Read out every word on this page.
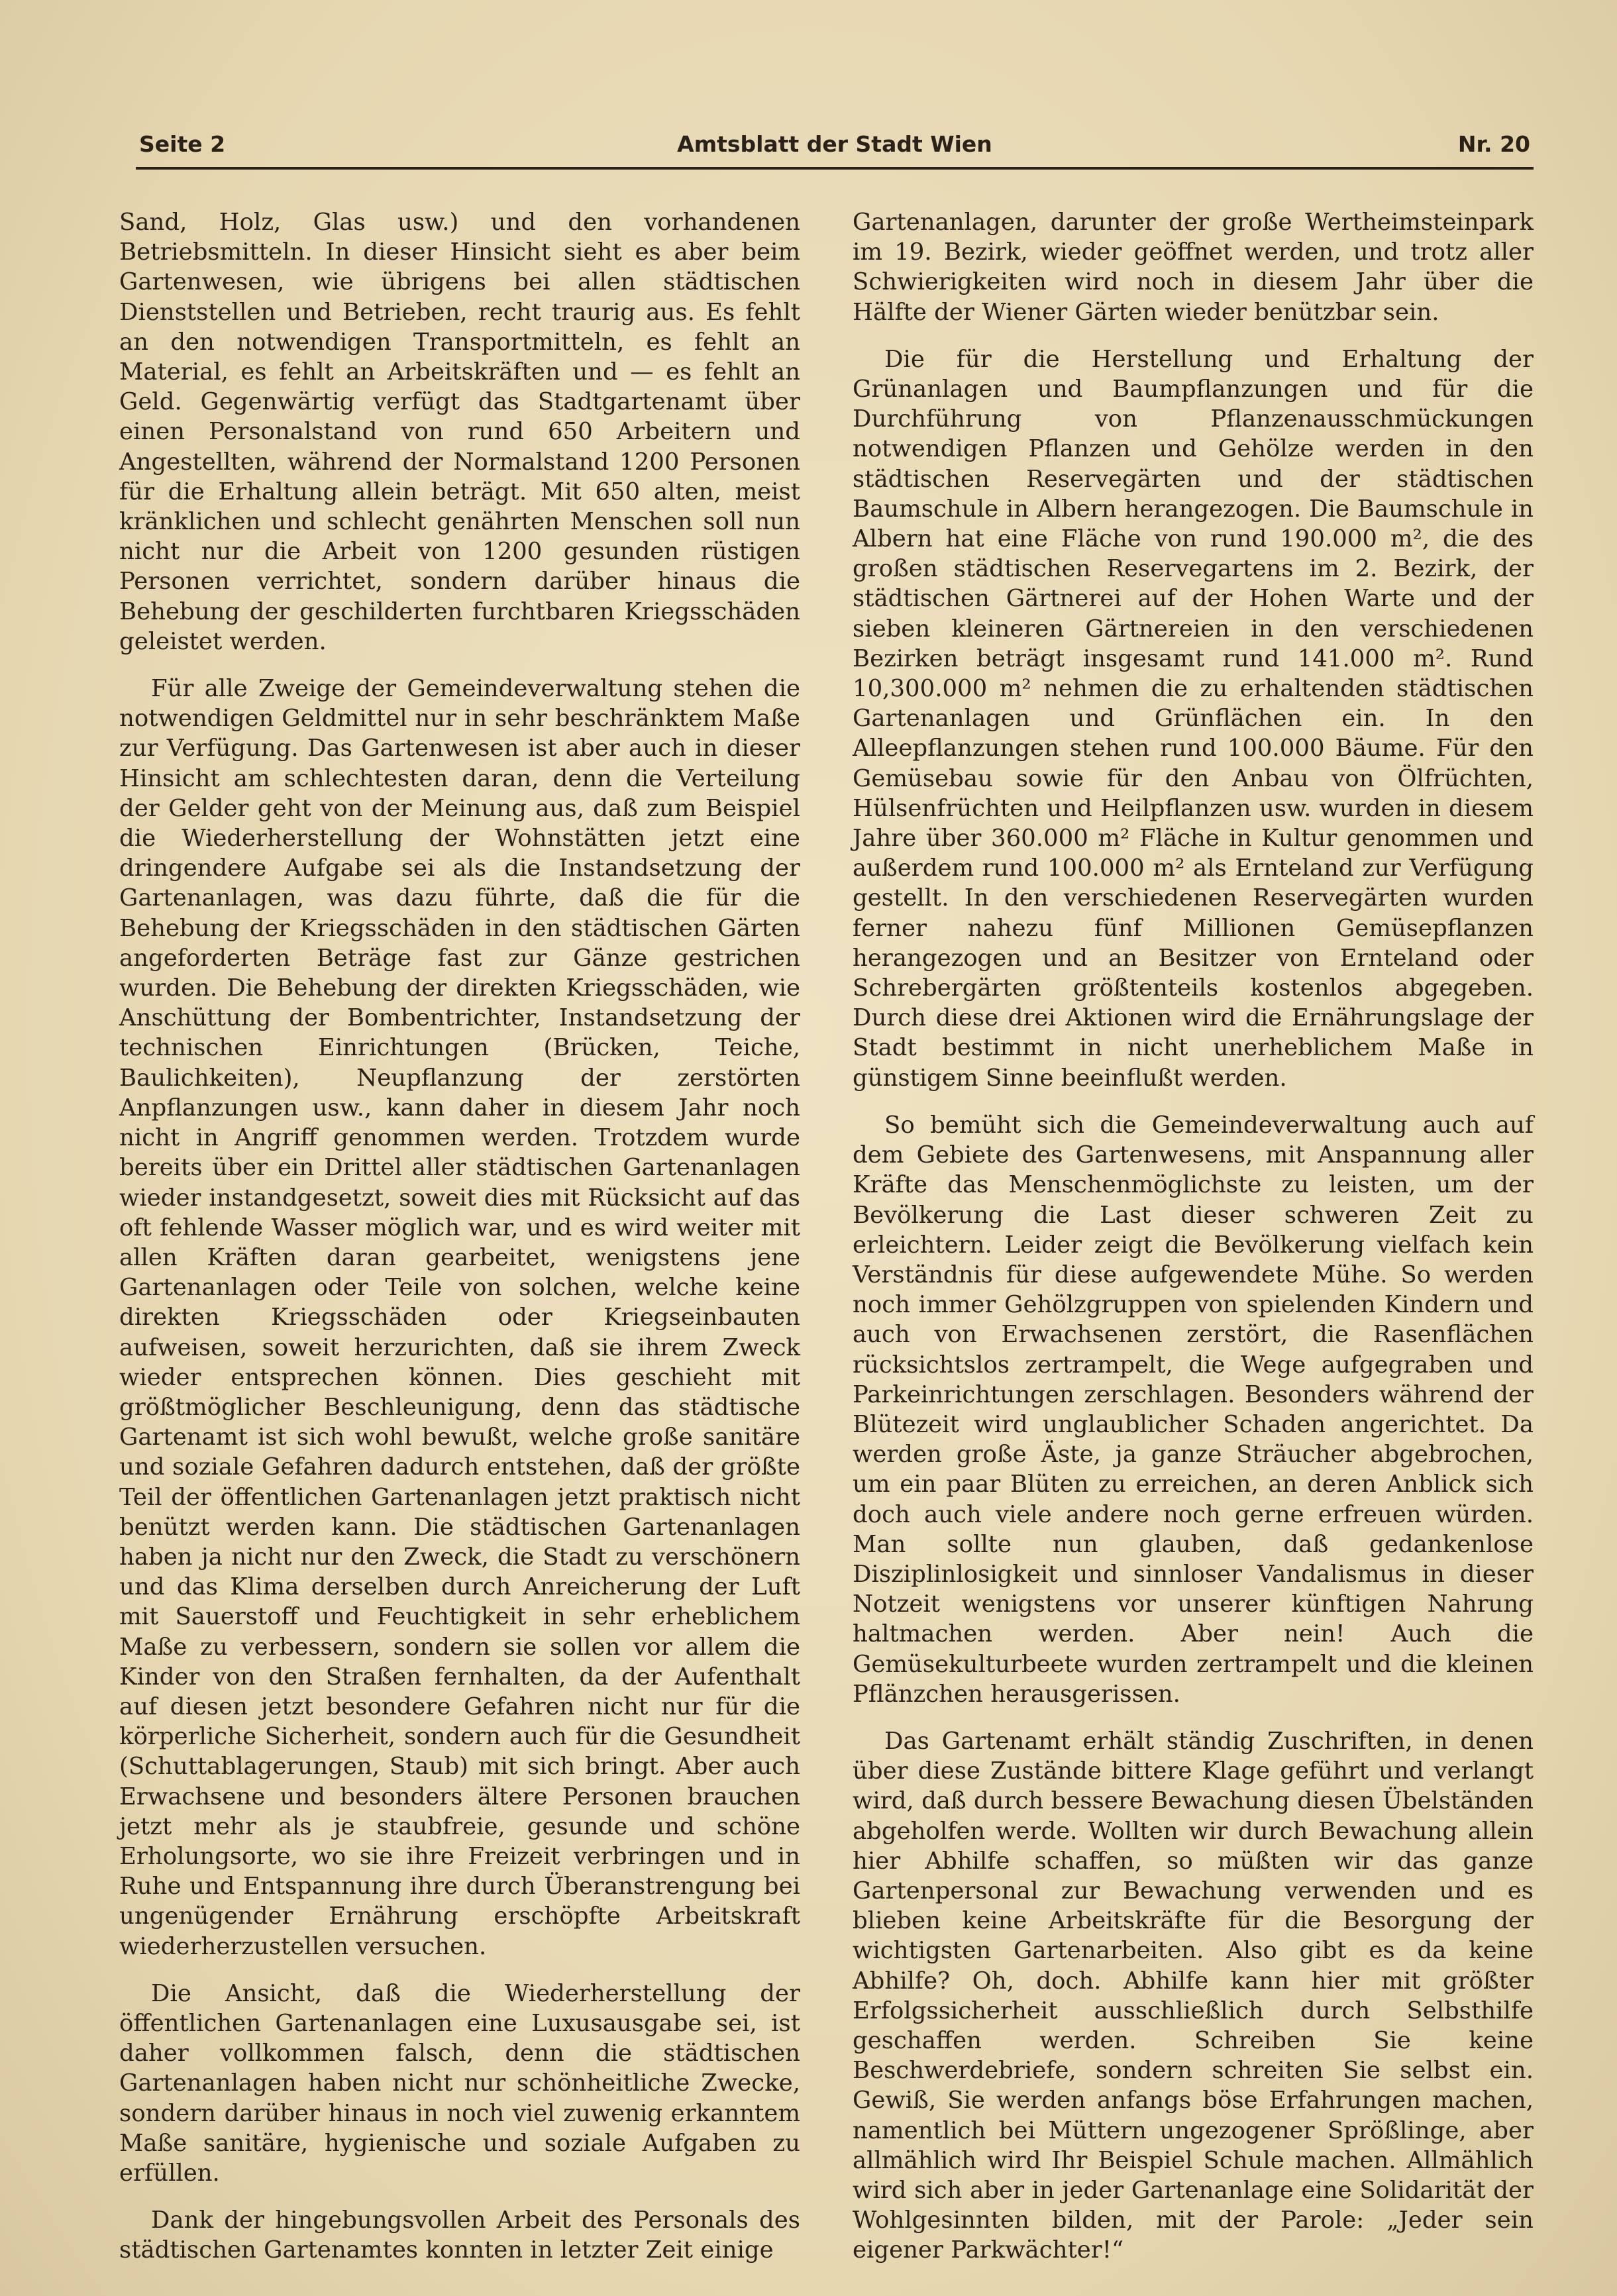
Seite 2	Amtsblatt der Stadt Wien	Nr. 20

Sand, Holz, Glas usw.) und den vorhandenen Betriebsmitteln. In dieser Hinsicht sieht es aber beim Gartenwesen, wie übrigens bei allen städtischen Dienststellen und Betrieben, recht traurig aus. Es fehlt an den notwendigen Transportmitteln, es fehlt an Material, es fehlt an Arbeitskräften und — es fehlt an Geld. Gegenwärtig verfügt das Stadtgartenamt über einen Personalstand von rund 650 Arbeitern und Angestellten, während der Normalstand 1200 Personen für die Erhaltung allein beträgt. Mit 650 alten, meist kränklichen und schlecht genährten Menschen soll nun nicht nur die Arbeit von 1200 gesunden rüstigen Personen verrichtet, sondern darüber hinaus die Behebung der geschilderten furchtbaren Kriegsschäden geleistet werden.

Für alle Zweige der Gemeindeverwaltung stehen die notwendigen Geldmittel nur in sehr beschränktem Maße zur Verfügung. Das Gartenwesen ist aber auch in dieser Hinsicht am schlechtesten daran, denn die Verteilung der Gelder geht von der Meinung aus, daß zum Beispiel die Wiederherstellung der Wohnstätten jetzt eine dringendere Aufgabe sei als die Instandsetzung der Gartenanlagen, was dazu führte, daß die für die Behebung der Kriegsschäden in den städtischen Gärten angeforderten Beträge fast zur Gänze gestrichen wurden. Die Behebung der direkten Kriegsschäden, wie Anschüttung der Bombentrichter, Instandsetzung der technischen Einrichtungen (Brücken, Teiche, Baulichkeiten), Neupflanzung der zerstörten Anpflanzungen usw., kann daher in diesem Jahr noch nicht in Angriff genommen werden. Trotzdem wurde bereits über ein Drittel aller städtischen Gartenanlagen wieder instandgesetzt, soweit dies mit Rücksicht auf das oft fehlende Wasser möglich war, und es wird weiter mit allen Kräften daran gearbeitet, wenigstens jene Gartenanlagen oder Teile von solchen, welche keine direkten Kriegsschäden oder Kriegseinbauten aufweisen, soweit herzurichten, daß sie ihrem Zweck wieder entsprechen können. Dies geschieht mit größtmöglicher Beschleunigung, denn das städtische Gartenamt ist sich wohl bewußt, welche große sanitäre und soziale Gefahren dadurch entstehen, daß der größte Teil der öffentlichen Gartenanlagen jetzt praktisch nicht benützt werden kann. Die städtischen Gartenanlagen haben ja nicht nur den Zweck, die Stadt zu verschönern und das Klima derselben durch Anreicherung der Luft mit Sauerstoff und Feuchtigkeit in sehr erheblichem Maße zu verbessern, sondern sie sollen vor allem die Kinder von den Straßen fernhalten, da der Aufenthalt auf diesen jetzt besondere Gefahren nicht nur für die körperliche Sicherheit, sondern auch für die Gesundheit (Schuttablagerungen, Staub) mit sich bringt. Aber auch Erwachsene und besonders ältere Personen brauchen jetzt mehr als je staubfreie, gesunde und schöne Erholungsorte, wo sie ihre Freizeit verbringen und in Ruhe und Entspannung ihre durch Überanstrengung bei ungenügender Ernährung erschöpfte Arbeitskraft wiederherzustellen versuchen.

Die Ansicht, daß die Wiederherstellung der öffentlichen Gartenanlagen eine Luxusausgabe sei, ist daher vollkommen falsch, denn die städtischen Gartenanlagen haben nicht nur schönheitliche Zwecke, sondern darüber hinaus in noch viel zuwenig erkanntem Maße sanitäre, hygienische und soziale Aufgaben zu erfüllen.

Dank der hingebungsvollen Arbeit des Personals des städtischen Gartenamtes konnten in letzter Zeit einige

Gartenanlagen, darunter der große Wertheimsteinpark im 19. Bezirk, wieder geöffnet werden, und trotz aller Schwierigkeiten wird noch in diesem Jahr über die Hälfte der Wiener Gärten wieder benützbar sein.

Die für die Herstellung und Erhaltung der Grünanlagen und Baumpflanzungen und für die Durchführung von Pflanzenausschmückungen notwendigen Pflanzen und Gehölze werden in den städtischen Reservegärten und der städtischen Baumschule in Albern herangezogen. Die Baumschule in Albern hat eine Fläche von rund 190.000 m², die des großen städtischen Reservegartens im 2. Bezirk, der städtischen Gärtnerei auf der Hohen Warte und der sieben kleineren Gärtnereien in den verschiedenen Bezirken beträgt insgesamt rund 141.000 m². Rund 10,300.000 m² nehmen die zu erhaltenden städtischen Gartenanlagen und Grünflächen ein. In den Alleepflanzungen stehen rund 100.000 Bäume. Für den Gemüsebau sowie für den Anbau von Ölfrüchten, Hülsenfrüchten und Heilpflanzen usw. wurden in diesem Jahre über 360.000 m² Fläche in Kultur genommen und außerdem rund 100.000 m² als Ernteland zur Verfügung gestellt. In den verschiedenen Reservegärten wurden ferner nahezu fünf Millionen Gemüsepflanzen herangezogen und an Besitzer von Ernteland oder Schrebergärten größtenteils kostenlos abgegeben. Durch diese drei Aktionen wird die Ernährungslage der Stadt bestimmt in nicht unerheblichem Maße in günstigem Sinne beeinflußt werden.

So bemüht sich die Gemeindeverwaltung auch auf dem Gebiete des Gartenwesens, mit Anspannung aller Kräfte das Menschenmöglichste zu leisten, um der Bevölkerung die Last dieser schweren Zeit zu erleichtern. Leider zeigt die Bevölkerung vielfach kein Verständnis für diese aufgewendete Mühe. So werden noch immer Gehölzgruppen von spielenden Kindern und auch von Erwachsenen zerstört, die Rasenflächen rücksichtslos zertrampelt, die Wege aufgegraben und Parkeinrichtungen zerschlagen. Besonders während der Blütezeit wird unglaublicher Schaden angerichtet. Da werden große Äste, ja ganze Sträucher abgebrochen, um ein paar Blüten zu erreichen, an deren Anblick sich doch auch viele andere noch gerne erfreuen würden. Man sollte nun glauben, daß gedankenlose Disziplinlosigkeit und sinnloser Vandalismus in dieser Notzeit wenigstens vor unserer künftigen Nahrung haltmachen werden. Aber nein! Auch die Gemüsekulturbeete wurden zertrampelt und die kleinen Pflänzchen herausgerissen.

Das Gartenamt erhält ständig Zuschriften, in denen über diese Zustände bittere Klage geführt und verlangt wird, daß durch bessere Bewachung diesen Übelständen abgeholfen werde. Wollten wir durch Bewachung allein hier Abhilfe schaffen, so müßten wir das ganze Gartenpersonal zur Bewachung verwenden und es blieben keine Arbeitskräfte für die Besorgung der wichtigsten Gartenarbeiten. Also gibt es da keine Abhilfe? Oh, doch. Abhilfe kann hier mit größter Erfolgssicherheit ausschließlich durch Selbsthilfe geschaffen werden. Schreiben Sie keine Beschwerdebriefe, sondern schreiten Sie selbst ein. Gewiß, Sie werden anfangs böse Erfahrungen machen, namentlich bei Müttern ungezogener Sprößlinge, aber allmählich wird Ihr Beispiel Schule machen. Allmählich wird sich aber in jeder Gartenanlage eine Solidarität der Wohlgesinnten bilden, mit der Parole: „Jeder sein eigener Parkwächter!“
